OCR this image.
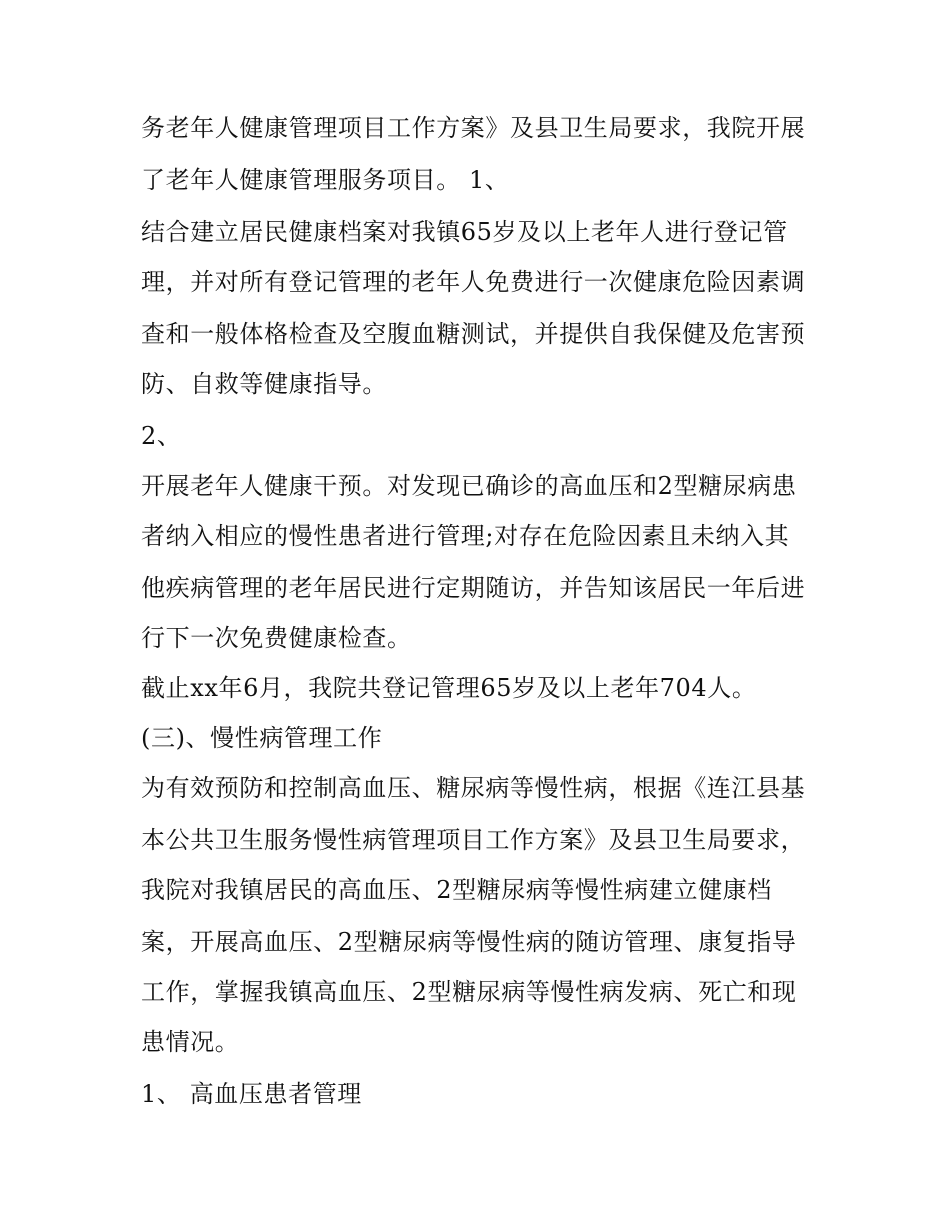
务老年人健康管理项目工作方案》及县卫生局要求，我院开展
了老年人健康管理服务项目。 1、
结合建立居民健康档案对我镇65岁及以上老年人进行登记管
理，并对所有登记管理的老年人免费进行一次健康危险因素调
查和一般体格检查及空腹血糖测试，并提供自我保健及危害预
防、自救等健康指导。
2、
开展老年人健康干预。对发现已确诊的高血压和2型糖尿病患
者纳入相应的慢性患者进行管理;对存在危险因素且未纳入其
他疾病管理的老年居民进行定期随访，并告知该居民一年后进
行下一次免费健康检查。
截止xx年6月，我院共登记管理65岁及以上老年704人。
(三)、慢性病管理工作
为有效预防和控制高血压、糖尿病等慢性病，根据《连江县基
本公共卫生服务慢性病管理项目工作方案》及县卫生局要求，
我院对我镇居民的高血压、2型糖尿病等慢性病建立健康档
案，开展高血压、2型糖尿病等慢性病的随访管理、康复指导
工作，掌握我镇高血压、2型糖尿病等慢性病发病、死亡和现
患情况。
1、 高血压患者管理
